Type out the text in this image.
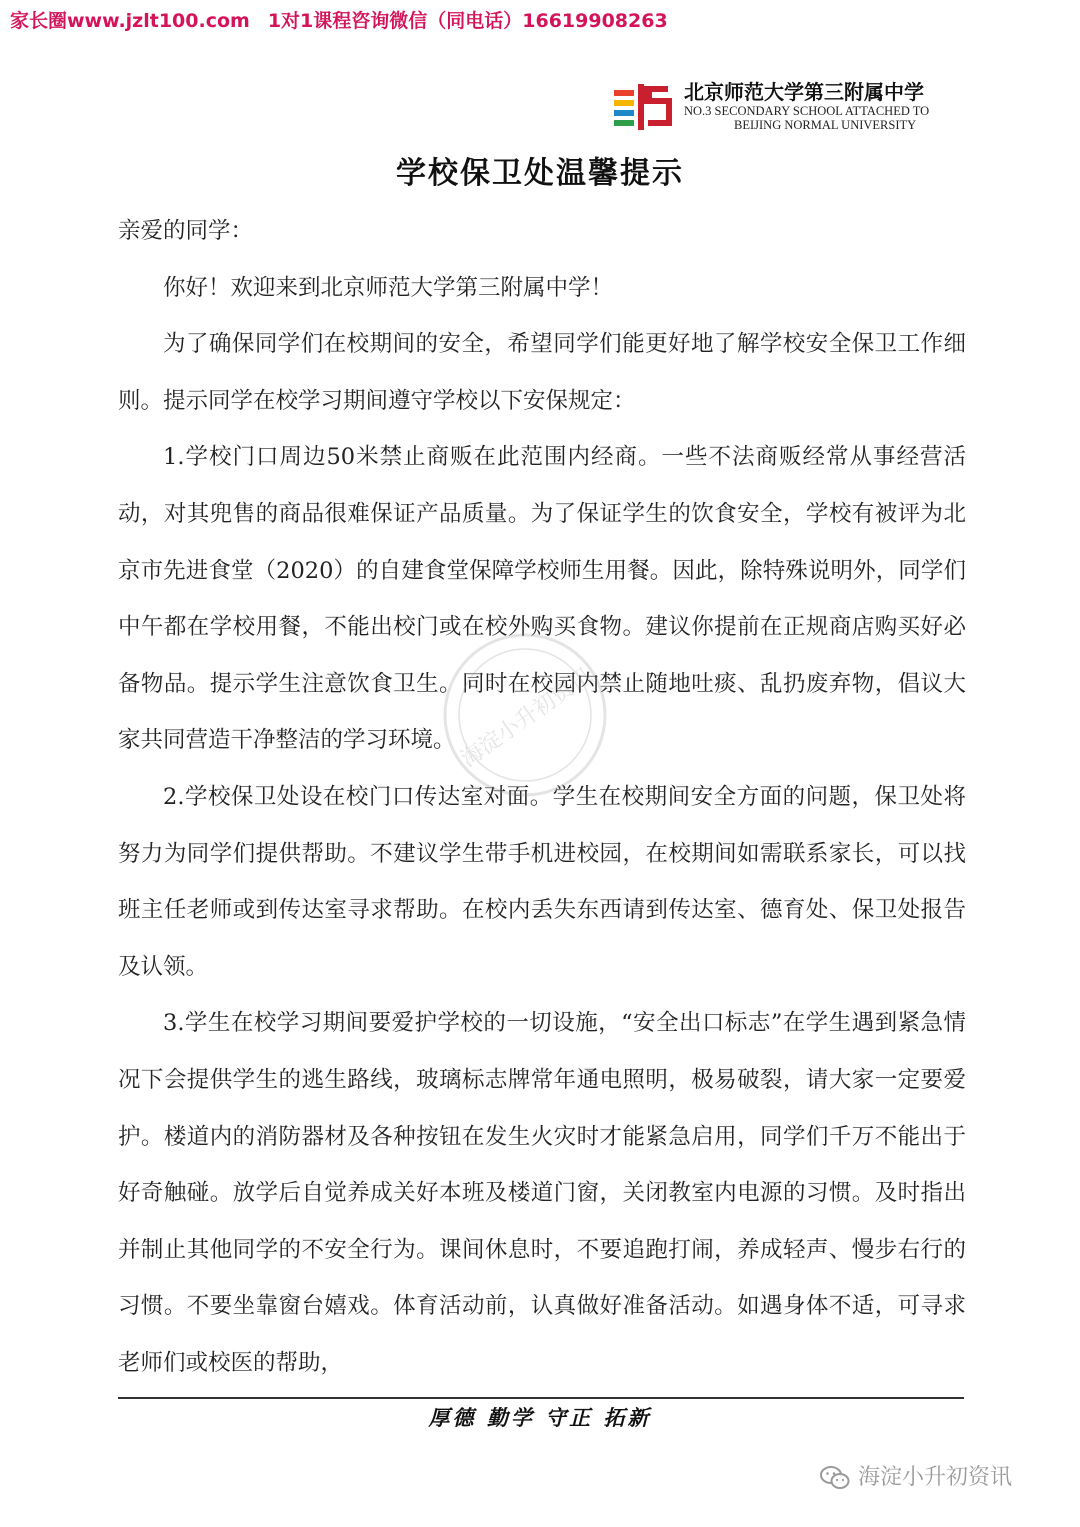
家长圈www.jzlt100.com 1对1课程咨询微信（同电话）16619908263
北京师范大学第三附属中学
NO.3 SECONDARY SCHOOL ATTACHED TO
BEIJING NORMAL UNIVERSITY
学校保卫处温馨提示

亲爱的同学：

你好！欢迎来到北京师范大学第三附属中学！

为了确保同学们在校期间的安全，希望同学们能更好地了解学校安全保卫工作细则。提示同学在校学习期间遵守学校以下安保规定：

1.学校门口周边50米禁止商贩在此范围内经商。一些不法商贩经常从事经营活动，对其兜售的商品很难保证产品质量。为了保证学生的饮食安全，学校有被评为北京市先进食堂（2020）的自建食堂保障学校师生用餐。因此，除特殊说明外，同学们中午都在学校用餐，不能出校门或在校外购买食物。建议你提前在正规商店购买好必备物品。提示学生注意饮食卫生。同时在校园内禁止随地吐痰、乱扔废弃物，倡议大家共同营造干净整洁的学习环境。

2.学校保卫处设在校门口传达室对面。学生在校期间安全方面的问题，保卫处将努力为同学们提供帮助。不建议学生带手机进校园，在校期间如需联系家长，可以找班主任老师或到传达室寻求帮助。在校内丢失东西请到传达室、德育处、保卫处报告及认领。

3.学生在校学习期间要爱护学校的一切设施，“安全出口标志”在学生遇到紧急情况下会提供学生的逃生路线，玻璃标志牌常年通电照明，极易破裂，请大家一定要爱护。楼道内的消防器材及各种按钮在发生火灾时才能紧急启用，同学们千万不能出于好奇触碰。放学后自觉养成关好本班及楼道门窗，关闭教室内电源的习惯。及时指出并制止其他同学的不安全行为。课间休息时，不要追跑打闹，养成轻声、慢步右行的习惯。不要坐靠窗台嬉戏。体育活动前，认真做好准备活动。如遇身体不适，可寻求老师们或校医的帮助，

海淀小升初资讯
厚德 勤学 守正 拓新
海淀小升初资讯
